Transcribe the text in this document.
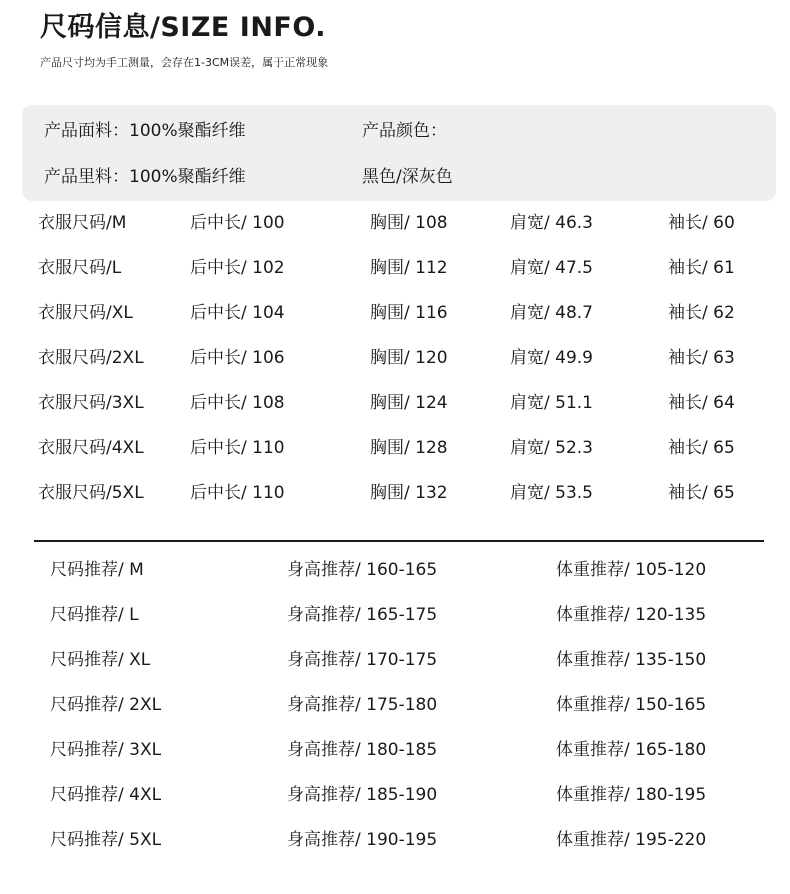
尺码信息/SIZE INFO.
产品尺寸均为手工测量，会存在1-3CM误差，属于正常现象
产品面料：100%聚酯纤维	产品颜色：
产品里料：100%聚酯纤维	黑色/深灰色
衣服尺码/M	后中长/ 100	胸围/ 108	肩宽/ 46.3	袖长/ 60
衣服尺码/L	后中长/ 102	胸围/ 112	肩宽/ 47.5	袖长/ 61
衣服尺码/XL	后中长/ 104	胸围/ 116	肩宽/ 48.7	袖长/ 62
衣服尺码/2XL	后中长/ 106	胸围/ 120	肩宽/ 49.9	袖长/ 63
衣服尺码/3XL	后中长/ 108	胸围/ 124	肩宽/ 51.1	袖长/ 64
衣服尺码/4XL	后中长/ 110	胸围/ 128	肩宽/ 52.3	袖长/ 65
衣服尺码/5XL	后中长/ 110	胸围/ 132	肩宽/ 53.5	袖长/ 65
尺码推荐/ M	身高推荐/ 160-165	体重推荐/ 105-120
尺码推荐/ L	身高推荐/ 165-175	体重推荐/ 120-135
尺码推荐/ XL	身高推荐/ 170-175	体重推荐/ 135-150
尺码推荐/ 2XL	身高推荐/ 175-180	体重推荐/ 150-165
尺码推荐/ 3XL	身高推荐/ 180-185	体重推荐/ 165-180
尺码推荐/ 4XL	身高推荐/ 185-190	体重推荐/ 180-195
尺码推荐/ 5XL	身高推荐/ 190-195	体重推荐/ 195-220
